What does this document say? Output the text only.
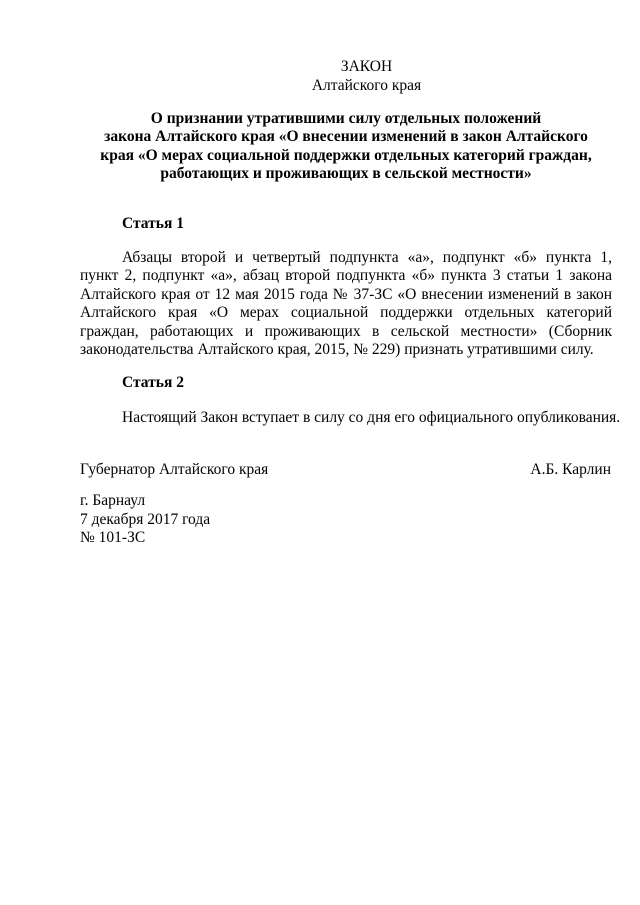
ЗАКОН
Алтайского края
О признании утратившими силу отдельных положений
закона Алтайского края «О внесении изменений в закон Алтайского
края «О мерах социальной поддержки отдельных категорий граждан,
работающих и проживающих в сельской местности»
Статья 1
Абзацы второй и четвертый подпункта «а», подпункт «б» пункта 1,
пункт 2, подпункт «а», абзац второй подпункта «б» пункта 3 статьи 1 закона
Алтайского края от 12 мая 2015 года № 37-ЗС «О внесении изменений в закон
Алтайского края «О мерах социальной поддержки отдельных категорий
граждан, работающих и проживающих в сельской местности» (Сборник
законодательства Алтайского края, 2015, № 229) признать утратившими силу.
Статья 2
Настоящий Закон вступает в силу со дня его официального опубликования.
Губернатор Алтайского края	А.Б. Карлин
г. Барнаул
7 декабря 2017 года
№ 101-ЗС
